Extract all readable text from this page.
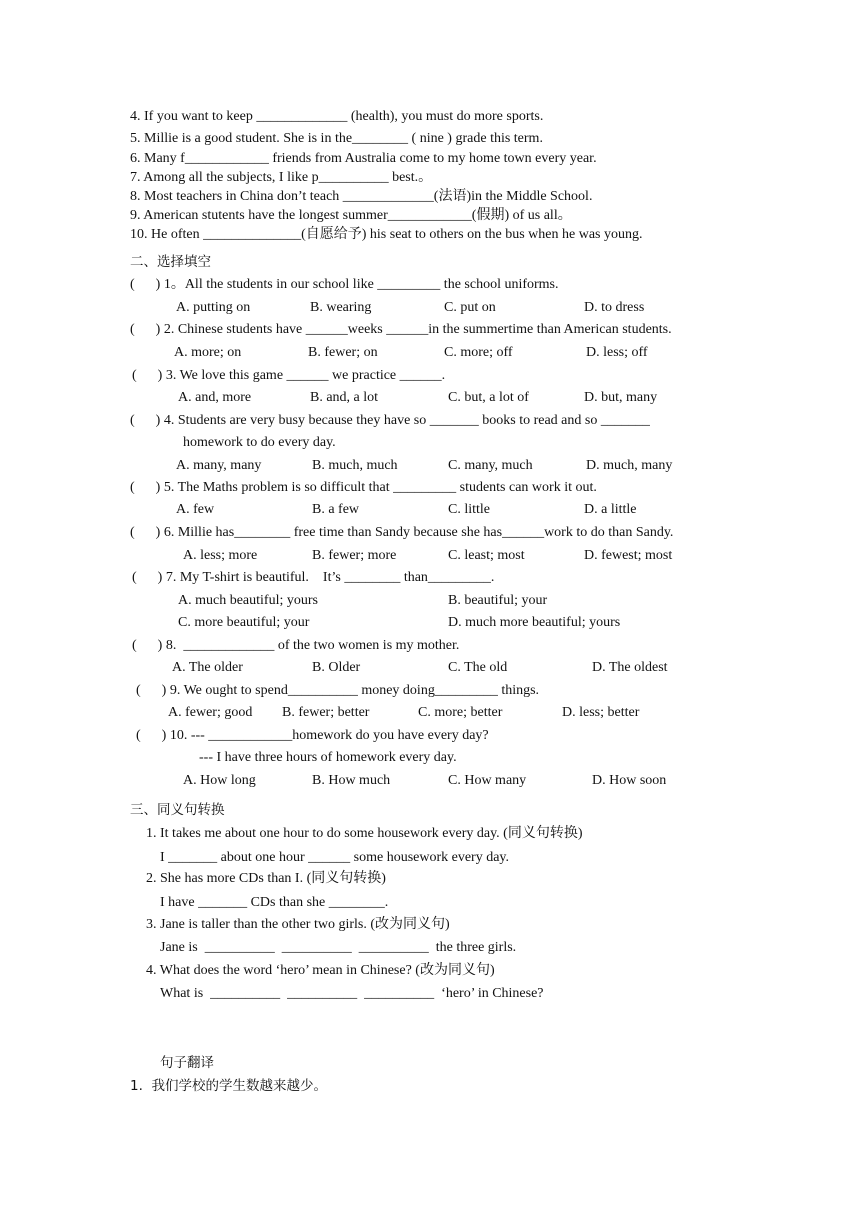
4. If you want to keep _____________ (health), you must do more sports.
5. Millie is a good student. She is in the________ ( nine ) grade this term.
6. Many f____________ friends from Australia come to my home town every year.
7. Among all the subjects, I like p__________ best.。
8. Most teachers in China don’t teach _____________(法语)in the Middle School.
9. American stutents have the longest summer____________(假期) of us all。
10. He often ______________(自愿给予) his seat to others on the bus when he was young.
二、选择填空
(      ) 1。All the students in our school like _________ the school uniforms.
A. putting on	B. wearing	C. put on	D. to dress
(      ) 2. Chinese students have ______weeks ______in the summertime than American students.
A. more; on	B. fewer; on	C. more; off	D. less; off
(      ) 3. We love this game ______ we practice ______.
A. and, more	B. and, a lot	C. but, a lot of	D. but, many
(      ) 4. Students are very busy because they have so _______ books to read and so _______
homework to do every day.
A. many, many	B. much, much	C. many, much	D. much, many
(      ) 5. The Maths problem is so difficult that _________ students can work it out.
A. few	B. a few	C. little	D. a little
(      ) 6. Millie has________ free time than Sandy because she has______work to do than Sandy.
A. less; more	B. fewer; more	C. least; most	D. fewest; most
(      ) 7. My T-shirt is beautiful.    It’s ________ than_________.
A. much beautiful; yours	B. beautiful; your
C. more beautiful; your	D. much more beautiful; yours
(      ) 8.  _____________ of the two women is my mother.
A. The older	B. Older	C. The old	D. The oldest
(      ) 9. We ought to spend__________ money doing_________ things.
A. fewer; good B. fewer; better	C. more; better	D. less; better
(      ) 10. --- ____________homework do you have every day?
--- I have three hours of homework every day.
A. How long	B. How much	C. How many	D. How soon
三、同义句转换
1. It takes me about one hour to do some housework every day. (同义句转换)
I _______ about one hour ______ some housework every day.
2. She has more CDs than I. (同义句转换)
I have _______ CDs than she ________.
3. Jane is taller than the other two girls. (改为同义句)
Jane is  __________  __________  __________  the three girls.
4. What does the word ‘hero’ mean in Chinese? (改为同义句)
What is  __________  __________  __________  ‘hero’ in Chinese?
句子翻译
1.  我们学校的学生数越来越少。
